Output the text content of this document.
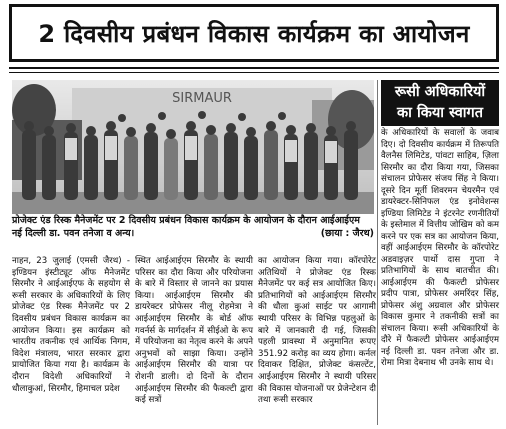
2 दिवसीय प्रबंधन विकास कार्यक्रम का आयोजन
SIRMAUR
प्रोजेक्ट एंड रिस्क मैनेजमेंट पर 2 दिवसीय प्रबंधन विकास कार्यक्रम के आयोजन के दौरान आईआईएम
नई दिल्ली डा. पवन तनेजा व अन्य।	(छाया : जैरथ)
रूसी अधिकारियों
का किया स्वागत
के अधिकारियों के सवालों के जवाब दिए। दो दिवसीय कार्यक्रम में तिरूपति वैलनैस लिमिटेड, पांवटा साहिब, ज़िला सिरमौर का दौरा किया गया, जिसका संचालन प्रोफेसर संजय सिंह ने किया। दूसरे दिन मूर्ती शिवरमन चेयरमैन एवं डायरेक्टर-सिनिफल एंड इनोवेशन्स इण्डिया लिमिटेड ने इंटरनेट रणनीतियों के इस्तेमाल में वित्तीय जोखिम को कम करने पर एक सत्र का आयोजन किया, वहीं आईआईएम सिरमौर के कॉरपोरेट अडवाइज़र पार्थो दास गुप्ता ने प्रतिभागियों के साथ बातचीत की। आईआईएम की फैकल्टी प्रोफेसर प्रदीप पात्रा, प्रोफेसर अमरिंदर सिंह, प्रोफेसर अंशु अग्रवाल और प्रोफेसर विकास कुमार ने तकनीकी सत्रों का संचालन किया। रूसी अधिकारियों के दौरे में फैकल्टी प्रोफेसर आईआईएम नई दिल्ली डा. पवन तनेजा और डा. रोमा मित्रा देबनाथ भी उनके साथ थे।
नाहन, 23 जुलाई (एमसी जैरथ) - इण्डियन इंस्टीट्यूट ऑफ मैनेजमेंट सिरमौर ने आईआईएफ के सहयोग से रूसी सरकार के अधिकारियों के लिए प्रोजेक्ट एंड रिस्क मैनेजमेंट पर 2 दिवसीय प्रबंधन विकास कार्यक्रम का आयोजन किया। इस कार्यक्रम को भारतीय तकनीक एवं आर्थिक निगम, विदेश मंत्रालय, भारत सरकार द्वारा प्रायोजित किया गया है। कार्यक्रम के दौरान विदेशी अधिकारियों ने धौलाकुआं, सिरमौर, हिमाचल प्रदेश
स्थित आईआईएम सिरमौर के स्थायी परिसर का दौरा किया और परियोजना के बारे में विस्तार से जानने का प्रयास किया। आईआईएम सिरमौर की डायरेक्टर प्रोफेसर नीलू रोहमेत्रा ने आईआईएम सिरमौर के बोर्ड ऑफ गवर्नर्स के मार्गदर्शन में सीईओ के रूप में परियोजना का नेतृत्व करने के अपने अनुभवों को साझा किया। उन्होंने आईआईएम सिरमौर की यात्रा पर रोशनी डाली। दो दिनों के दौरान आईआईएम सिरमौर की फैकल्टी द्वारा कई सत्रों
का आयोजन किया गया। कॉरपोरेट अतिथियों ने प्रोजेक्ट एंड रिस्क मैनेजमेंट पर कई सत्र आयोजित किए। प्रतिभागियों को आईआईएम सिरमौर की धौला कुआं साईट पर आगामी स्थायी परिसर के विभिन्न पहलुओं के बारे में जानकारी दी गई, जिसकी पहली प्रावस्था में अनुमानित रूपए 351.92 करोड़ का व्यय होगा। कर्नल दिवाकर दिक्षित, प्रोजेक्ट कंसल्टेंट, आईआईएम सिरमौर ने स्थायी परिसर की विकास योजनाओं पर प्रेजेन्टेशन दी तथा रूसी सरकार
